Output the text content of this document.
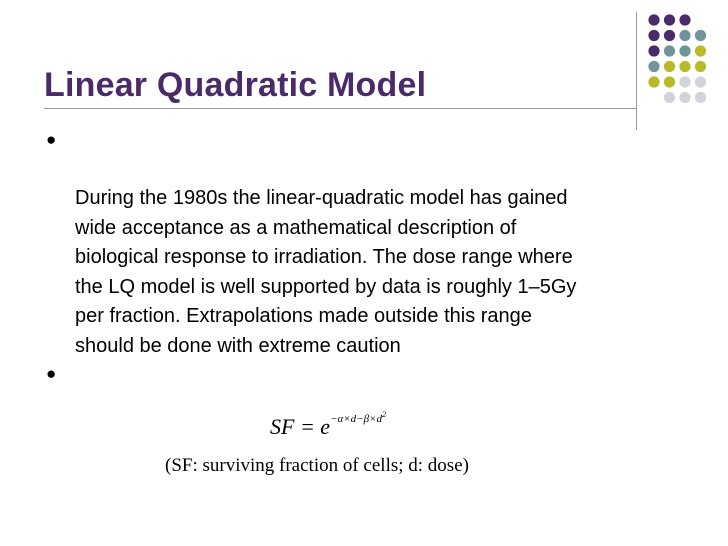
Linear Quadratic Model

●

During the 1980s the linear-quadratic model has gained
wide acceptance as a mathematical description of
biological response to irradiation. The dose range where
the LQ model is well supported by data is roughly 1–5Gy
per fraction. Extrapolations made outside this range
should be done with extreme caution

●

SF = $e^{-\alpha\times d-\beta\times d^2}$

(SF: surviving fraction of cells; d: dose)
